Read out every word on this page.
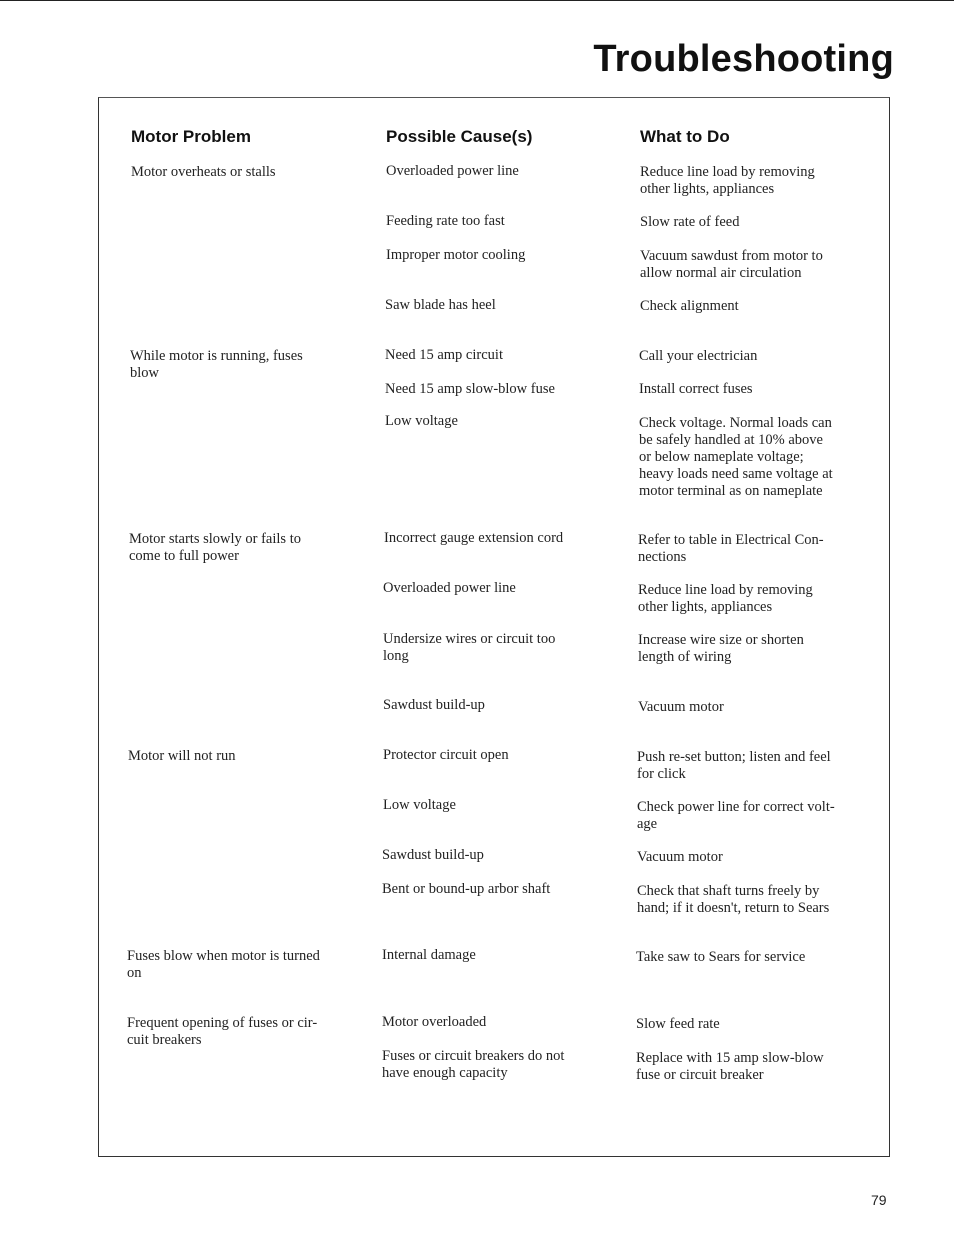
Troubleshooting
Motor Problem	Possible Cause(s)	What to Do
Motor overheats or stalls
While motor is running, fuses
blow
Motor starts slowly or fails to
come to full power
Motor will not run
Fuses blow when motor is turned
on
Frequent opening of fuses or cir-
cuit breakers
Overloaded power line
Feeding rate too fast
Improper motor cooling
Saw blade has heel
Need 15 amp circuit
Need 15 amp slow-blow fuse
Low voltage
Incorrect gauge extension cord
Overloaded power line
Undersize wires or circuit too
long
Sawdust build-up
Protector circuit open
Low voltage
Sawdust build-up
Bent or bound-up arbor shaft
Internal damage
Motor overloaded
Fuses or circuit breakers do not
have enough capacity
Reduce line load by removing
other lights, appliances
Slow rate of feed
Vacuum sawdust from motor to
allow normal air circulation
Check alignment
Call your electrician
Install correct fuses
Check voltage. Normal loads can
be safely handled at 10% above
or below nameplate voltage;
heavy loads need same voltage at
motor terminal as on nameplate
Refer to table in Electrical Con-
nections
Reduce line load by removing
other lights, appliances
Increase wire size or shorten
length of wiring
Vacuum motor
Push re-set button; listen and feel
for click
Check power line for correct volt-
age
Vacuum motor
Check that shaft turns freely by
hand; if it doesn't, return to Sears
Take saw to Sears for service
Slow feed rate
Replace with 15 amp slow-blow
fuse or circuit breaker
79
